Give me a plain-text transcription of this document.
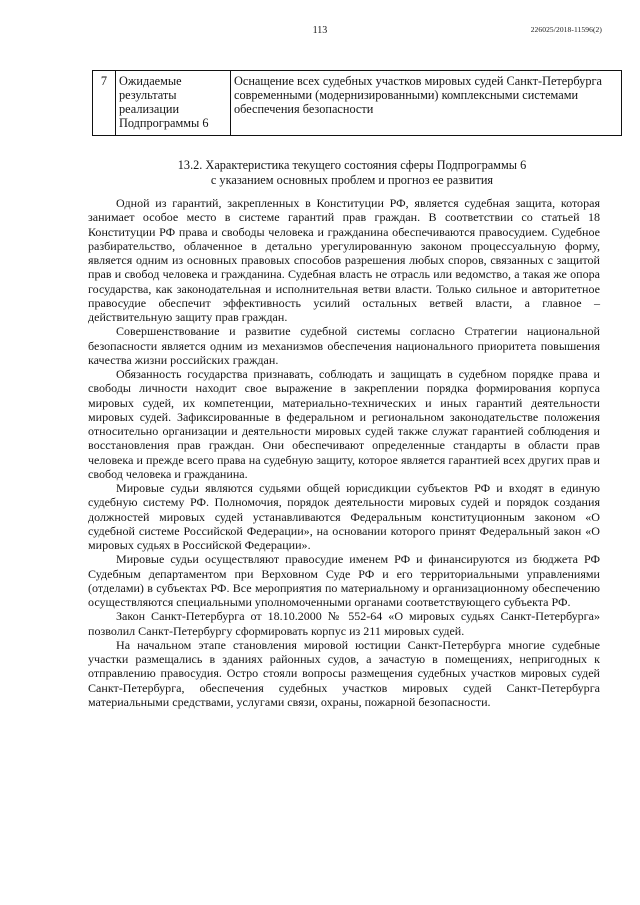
113	226025/2018-11596(2)
7	Ожидаемые результаты реализации Подпрограммы 6	Оснащение всех судебных участков мировых судей Санкт-Петербурга современными (модернизированными) комплексными системами обеспечения безопасности
13.2. Характеристика текущего состояния сферы Подпрограммы 6
с указанием основных проблем и прогноз ее развития

Одной из гарантий, закрепленных в Конституции РФ, является судебная защита, которая занимает особое место в системе гарантий прав граждан. В соответствии со статьей 18 Конституции РФ права и свободы человека и гражданина обеспечиваются правосудием. Судебное разбирательство, облаченное в детально урегулированную законом процессуальную форму, является одним из основных правовых способов разрешения любых споров, связанных с защитой прав и свобод человека и гражданина. Судебная власть не отрасль или ведомство, а такая же опора государства, как законодательная и исполнительная ветви власти. Только сильное и авторитетное правосудие обеспечит эффективность усилий остальных ветвей власти, а главное – действительную защиту прав граждан.

Совершенствование и развитие судебной системы согласно Стратегии национальной безопасности является одним из механизмов обеспечения национального приоритета повышения качества жизни российских граждан.

Обязанность государства признавать, соблюдать и защищать в судебном порядке права и свободы личности находит свое выражение в закреплении порядка формирования корпуса мировых судей, их компетенции, материально-технических и иных гарантий деятельности мировых судей. Зафиксированные в федеральном и региональном законодательстве положения относительно организации и деятельности мировых судей также служат гарантией соблюдения и восстановления прав граждан. Они обеспечивают определенные стандарты в области прав человека и прежде всего права на судебную защиту, которое является гарантией всех других прав и свобод человека и гражданина.

Мировые судьи являются судьями общей юрисдикции субъектов РФ и входят в единую судебную систему РФ. Полномочия, порядок деятельности мировых судей и порядок создания должностей мировых судей устанавливаются Федеральным конституционным законом «О судебной системе Российской Федерации», на основании которого принят Федеральный закон «О мировых судьях в Российской Федерации».

Мировые судьи осуществляют правосудие именем РФ и финансируются из бюджета РФ Судебным департаментом при Верховном Суде РФ и его территориальными управлениями (отделами) в субъектах РФ. Все мероприятия по материальному и организационному обеспечению осуществляются специальными уполномоченными органами соответствующего субъекта РФ.

Закон Санкт-Петербурга от 18.10.2000 № 552-64 «О мировых судьях Санкт-Петербурга» позволил Санкт-Петербургу сформировать корпус из 211 мировых судей.

На начальном этапе становления мировой юстиции Санкт-Петербурга многие судебные участки размещались в зданиях районных судов, а зачастую в помещениях, непригодных к отправлению правосудия. Остро стояли вопросы размещения судебных участков мировых судей Санкт-Петербурга, обеспечения судебных участков мировых судей Санкт-Петербурга материальными средствами, услугами связи, охраны, пожарной безопасности.
